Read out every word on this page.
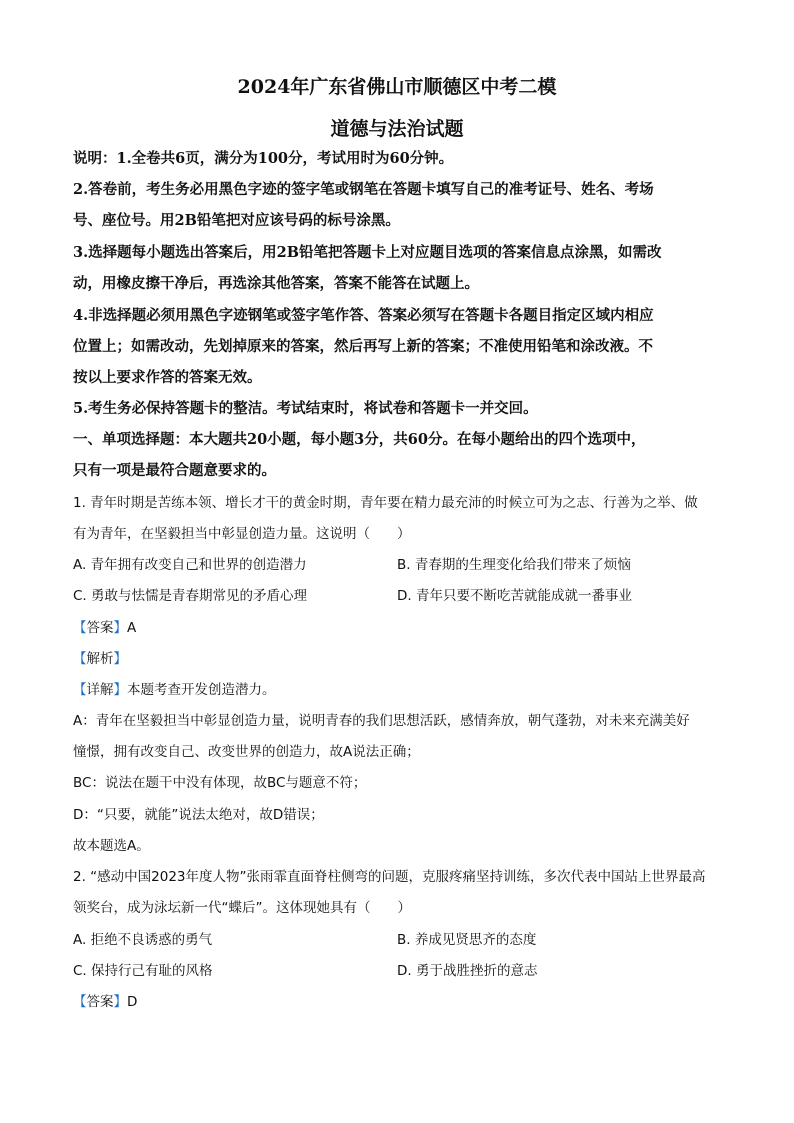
2024年广东省佛山市顺德区中考二模
道德与法治试题
说明：1.全卷共6页，满分为100分，考试用时为60分钟。
2.答卷前，考生务必用黑色字迹的签字笔或钢笔在答题卡填写自己的准考证号、姓名、考场
号、座位号。用2B铅笔把对应该号码的标号涂黑。
3.选择题每小题选出答案后，用2B铅笔把答题卡上对应题目选项的答案信息点涂黑，如需改
动，用橡皮擦干净后，再选涂其他答案，答案不能答在试题上。
4.非选择题必须用黑色字迹钢笔或签字笔作答、答案必须写在答题卡各题目指定区域内相应
位置上；如需改动，先划掉原来的答案，然后再写上新的答案；不准使用铅笔和涂改液。不
按以上要求作答的答案无效。
5.考生务必保持答题卡的整洁。考试结束时，将试卷和答题卡一并交回。
一、单项选择题：本大题共20小题，每小题3分，共60分。在每小题给出的四个选项中，
只有一项是最符合题意要求的。
1. 青年时期是苦练本领、增长才干的黄金时期，青年要在精力最充沛的时候立可为之志、行善为之举、做
有为青年，在坚毅担当中彰显创造力量。这说明（　　）
A. 青年拥有改变自己和世界的创造潜力	B. 青春期的生理变化给我们带来了烦恼
C. 勇敢与怯懦是青春期常见的矛盾心理	D. 青年只要不断吃苦就能成就一番事业
【答案】A
【解析】
【详解】本题考查开发创造潜力。
A：青年在坚毅担当中彰显创造力量，说明青春的我们思想活跃，感情奔放，朝气蓬勃，对未来充满美好
憧憬，拥有改变自己、改变世界的创造力，故A说法正确；
BC：说法在题干中没有体现，故BC与题意不符；
D：“只要，就能”说法太绝对，故D错误；
故本题选A。
2. “感动中国2023年度人物”张雨霏直面脊柱侧弯的问题，克服疼痛坚持训练，多次代表中国站上世界最高
领奖台，成为泳坛新一代“蝶后”。这体现她具有（　　）
A. 拒绝不良诱惑的勇气	B. 养成见贤思齐的态度
C. 保持行己有耻的风格	D. 勇于战胜挫折的意志
【答案】D
